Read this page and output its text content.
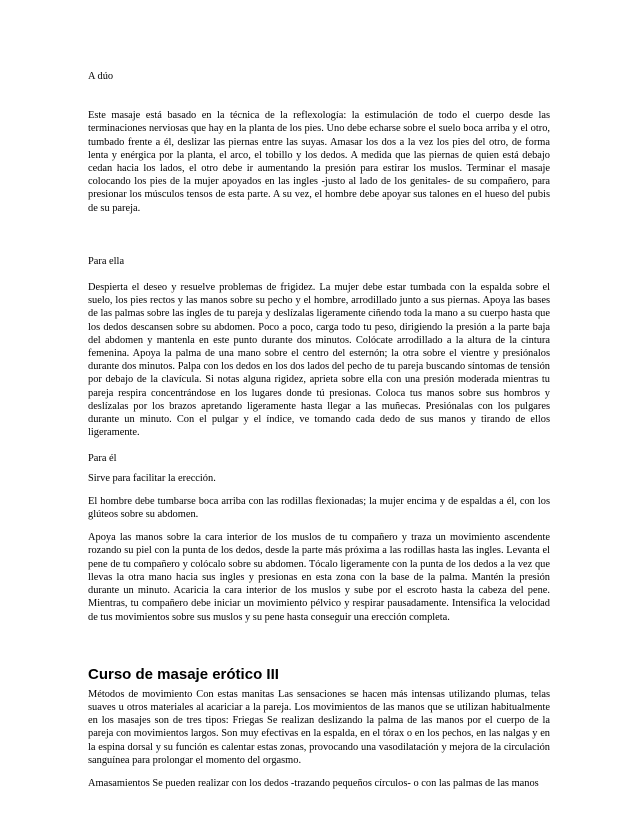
A dúo

Este masaje está basado en la técnica de la reflexología: la estimulación de todo el cuerpo desde las terminaciones nerviosas que hay en la planta de los pies. Uno debe echarse sobre el suelo boca arriba y el otro, tumbado frente a él, deslizar las piernas entre las suyas. Amasar los dos a la vez los pies del otro, de forma lenta y enérgica por la planta, el arco, el tobillo y los dedos. A medida que las piernas de quien está debajo cedan hacia los lados, el otro debe ir aumentando la presión para estirar los muslos. Terminar el masaje colocando los pies de la mujer apoyados en las ingles -justo al lado de los genitales- de su compañero, para presionar los músculos tensos de esta parte. A su vez, el hombre debe apoyar sus talones en el hueso del pubis de su pareja.

Para ella

Despierta el deseo y resuelve problemas de frigidez. La mujer debe estar tumbada con la espalda sobre el suelo, los pies rectos y las manos sobre su pecho y el hombre, arrodillado junto a sus piernas. Apoya las bases de las palmas sobre las ingles de tu pareja y deslízalas ligeramente ciñendo toda la mano a su cuerpo hasta que los dedos descansen sobre su abdomen. Poco a poco, carga todo tu peso, dirigiendo la presión a la parte baja del abdomen y mantenla en este punto durante dos minutos. Colócate arrodillado a la altura de la cintura femenina. Apoya la palma de una mano sobre el centro del esternón; la otra sobre el vientre y presiónalos durante dos minutos. Palpa con los dedos en los dos lados del pecho de tu pareja buscando síntomas de tensión por debajo de la clavícula. Si notas alguna rigidez, aprieta sobre ella con una presión moderada mientras tu pareja respira concentrándose en los lugares donde tú presionas. Coloca tus manos sobre sus hombros y deslízalas por los brazos apretando ligeramente hasta llegar a las muñecas. Presiónalas con los pulgares durante un minuto. Con el pulgar y el índice, ve tomando cada dedo de sus manos y tirando de ellos ligeramente.

Para él

Sirve para facilitar la erección.

El hombre debe tumbarse boca arriba con las rodillas flexionadas; la mujer encima y de espaldas a él, con los glúteos sobre su abdomen.

Apoya las manos sobre la cara interior de los muslos de tu compañero y traza un movimiento ascendente rozando su piel con la punta de los dedos, desde la parte más próxima a las rodillas hasta las ingles. Levanta el pene de tu compañero y colócalo sobre su abdomen. Tócalo ligeramente con la punta de los dedos a la vez que llevas la otra mano hacia sus ingles y presionas en esta zona con la base de la palma. Mantén la presión durante un minuto. Acaricia la cara interior de los muslos y sube por el escroto hasta la cabeza del pene. Mientras, tu compañero debe iniciar un movimiento pélvico y respirar pausadamente. Intensifica la velocidad de tus movimientos sobre sus muslos y su pene hasta conseguir una erección completa.

Curso de masaje erótico III

Métodos de movimiento Con estas manitas Las sensaciones se hacen más intensas utilizando plumas, telas suaves u otros materiales al acariciar a la pareja. Los movimientos de las manos que se utilizan habitualmente en los masajes son de tres tipos: Friegas Se realizan deslizando la palma de las manos por el cuerpo de la pareja con movimientos largos. Son muy efectivas en la espalda, en el tórax o en los pechos, en las nalgas y en la espina dorsal y su función es calentar estas zonas, provocando una vasodilatación y mejora de la circulación sanguínea para prolongar el momento del orgasmo.

Amasamientos Se pueden realizar con los dedos -trazando pequeños círculos- o con las palmas de las manos
